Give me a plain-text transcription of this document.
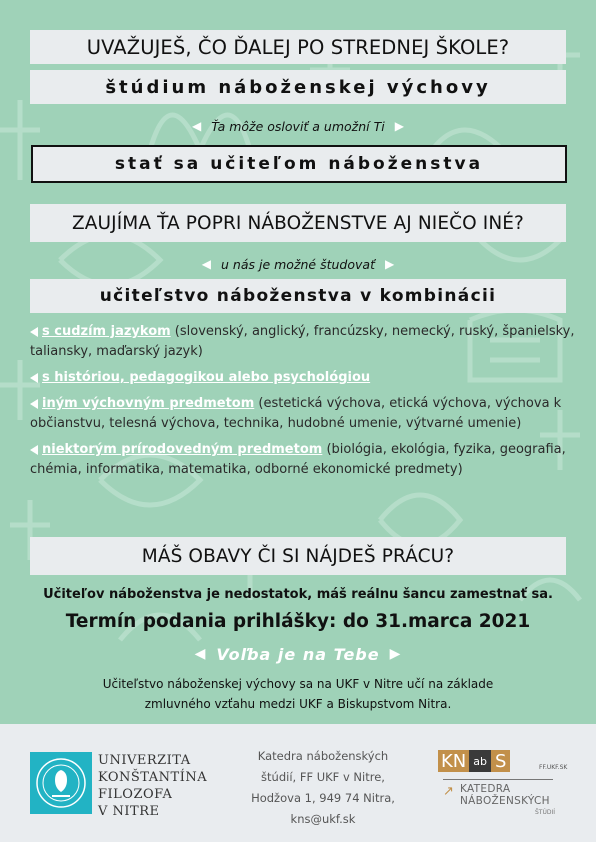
UVAŽUJEŠ, ČO ĎALEJ PO STREDNEJ ŠKOLE?
štúdium náboženskej výchovy
◀ Ťa môže osloviť a umožní Ti ▶
stať sa učiteľom náboženstva
ZAUJÍMA ŤA POPRI NÁBOŽENSTVE AJ NIEČO INÉ?
◀ u nás je možné študovať ▶
učiteľstvo náboženstva v kombinácii
s cudzím jazykom (slovenský, anglický, francúzsky, nemecký, ruský, španielsky, taliansky, maďarský jazyk)
s históriou, pedagogikou alebo psychológiou
iným výchovným predmetom (estetická výchova, etická výchova, výchova k občianstvu, telesná výchova, technika, hudobné umenie, výtvarné umenie)
niektorým prírodovedným predmetom (biológia, ekológia, fyzika, geografia, chémia, informatika, matematika, odborné ekonomické predmety)
MÁŠ OBAVY ČI SI NÁJDEŠ PRÁCU?
Učiteľov náboženstva je nedostatok, máš reálnu šancu zamestnať sa.
Termín podania prihlášky: do 31.marca 2021
◀ Voľba je na Tebe ▶
Učiteľstvo náboženskej výchovy sa na UKF v Nitre učí na základe
zmluvného vzťahu medzi UKF a Biskupstvom Nitra.
UNIVERZITA
KONŠTANTÍNA
FILOZOFA
V NITRE
Katedra náboženských
štúdií, FF UKF v Nitre,
Hodžova 1, 949 74 Nitra,
kns@ukf.sk
KN ab S	FF.UKF.SK
↗ KATEDRA
NÁBOŽENSKÝCH
ŠTÚDIÍ
